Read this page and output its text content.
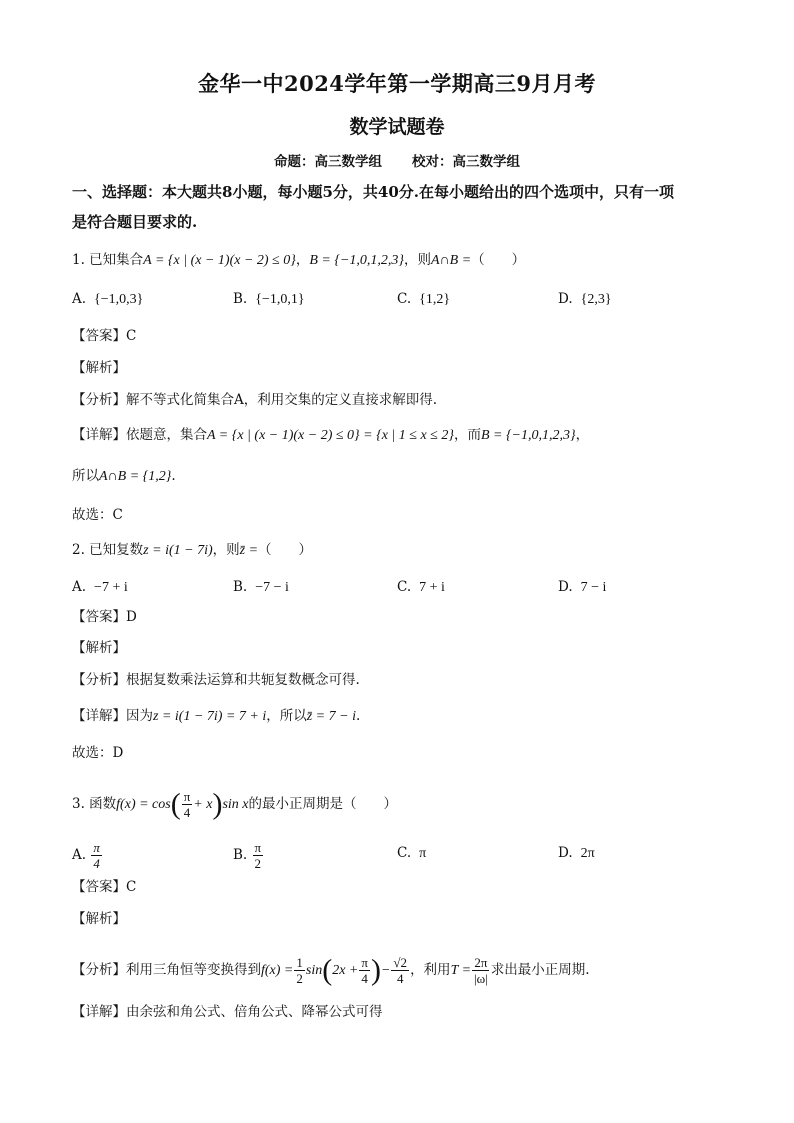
金华一中2024学年第一学期高三9月月考
数学试题卷
命题：高三数学组 校对：高三数学组
一、选择题：本大题共8小题，每小题5分，共40分.在每小题给出的四个选项中，只有一项
是符合题目要求的.
1. 已知集合A = {x | (x − 1)(x − 2) ≤ 0}，B = {−1,0,1,2,3}，则A∩B =（　　）
A. {−1,0,3}	B. {−1,0,1}	C. {1,2}	D. {2,3}
【答案】C
【解析】
【分析】解不等式化简集合A，利用交集的定义直接求解即得.
【详解】依题意，集合A = {x | (x − 1)(x − 2) ≤ 0} = {x | 1 ≤ x ≤ 2}，而B = {−1,0,1,2,3}，
所以A∩B = {1,2}.
故选：C
2. 已知复数z = i(1 − 7i)，则z̄ =（　　）
A. −7 + i	B. −7 − i	C. 7 + i	D. 7 − i
【答案】D
【解析】
【分析】根据复数乘法运算和共轭复数概念可得.
【详解】因为z = i(1 − 7i) = 7 + i，所以z̄ = 7 − i.
故选：D
3. 函数$f(x) = \cos( \frac{\pi}{4} + x)\sin$ x的最小正周期是（　　）
A. $\frac{\pi}{4}$	B. $\frac{\pi}{2}$	C. π	D. 2π
【答案】C
【解析】
【分析】利用三角恒等变换得到$f(x) = \frac{1}{2} \sin(2x + \frac{\pi}{4}$ )− $\frac{√2}{4}$ ，利用$T = \frac{2\pi}{|\omega|}$ 求出最小正周期.
【详解】由余弦和角公式、倍角公式、降幂公式可得
